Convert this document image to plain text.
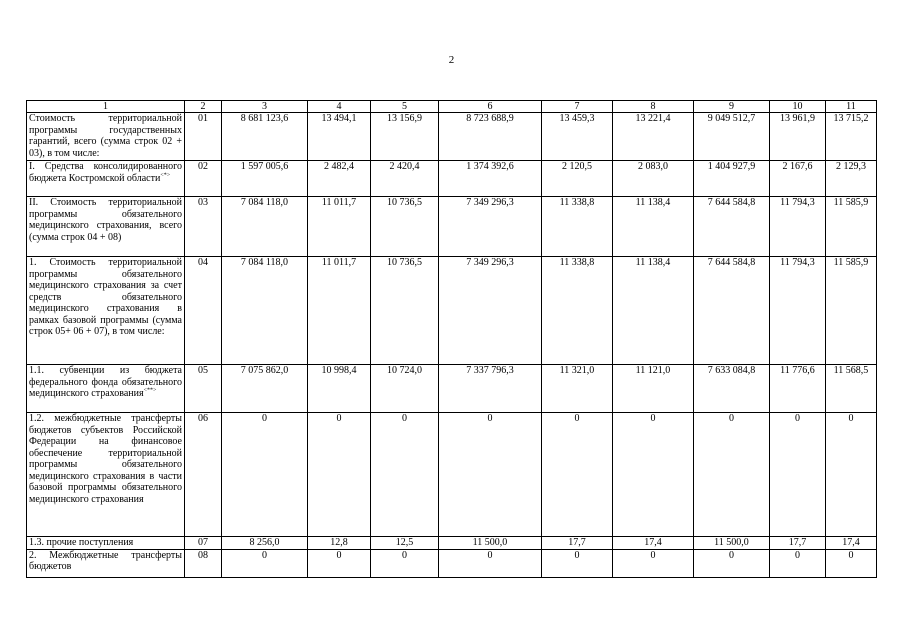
2
1	2	3	4	5	6	7	8	9	10	11
Стоимость территориальной программы государственных гарантий, всего (сумма строк 02 + 03), в том числе:	01	8 681 123,6	13 494,1	13 156,9	8 723 688,9	13 459,3	13 221,4	9 049 512,7	13 961,9	13 715,2
I. Средства консолидированного бюджета Костромской области<*>	02	1 597 005,6	2 482,4	2 420,4	1 374 392,6	2 120,5	2 083,0	1 404 927,9	2 167,6	2 129,3
II. Стоимость территориальной программы обязательного медицинского страхования, всего (сумма строк 04 + 08)	03	7 084 118,0	11 011,7	10 736,5	7 349 296,3	11 338,8	11 138,4	7 644 584,8	11 794,3	11 585,9
1. Стоимость территориальной программы обязательного медицинского страхования за счет средств обязательного медицинского страхования в рамках базовой программы (сумма строк 05+ 06 + 07), в том числе:	04	7 084 118,0	11 011,7	10 736,5	7 349 296,3	11 338,8	11 138,4	7 644 584,8	11 794,3	11 585,9
1.1. субвенции из бюджета федерального фонда обязательного медицинского страхования<**>	05	7 075 862,0	10 998,4	10 724,0	7 337 796,3	11 321,0	11 121,0	7 633 084,8	11 776,6	11 568,5
1.2. межбюджетные трансферты бюджетов субъектов Российской Федерации на финансовое обеспечение территориальной программы обязательного медицинского страхования в части базовой программы обязательного медицинского страхования	06	0	0	0	0	0	0	0	0	0
1.3. прочие поступления	07	8 256,0	12,8	12,5	11 500,0	17,7	17,4	11 500,0	17,7	17,4
2. Межбюджетные трансферты бюджетов	08	0	0	0	0	0	0	0	0	0
